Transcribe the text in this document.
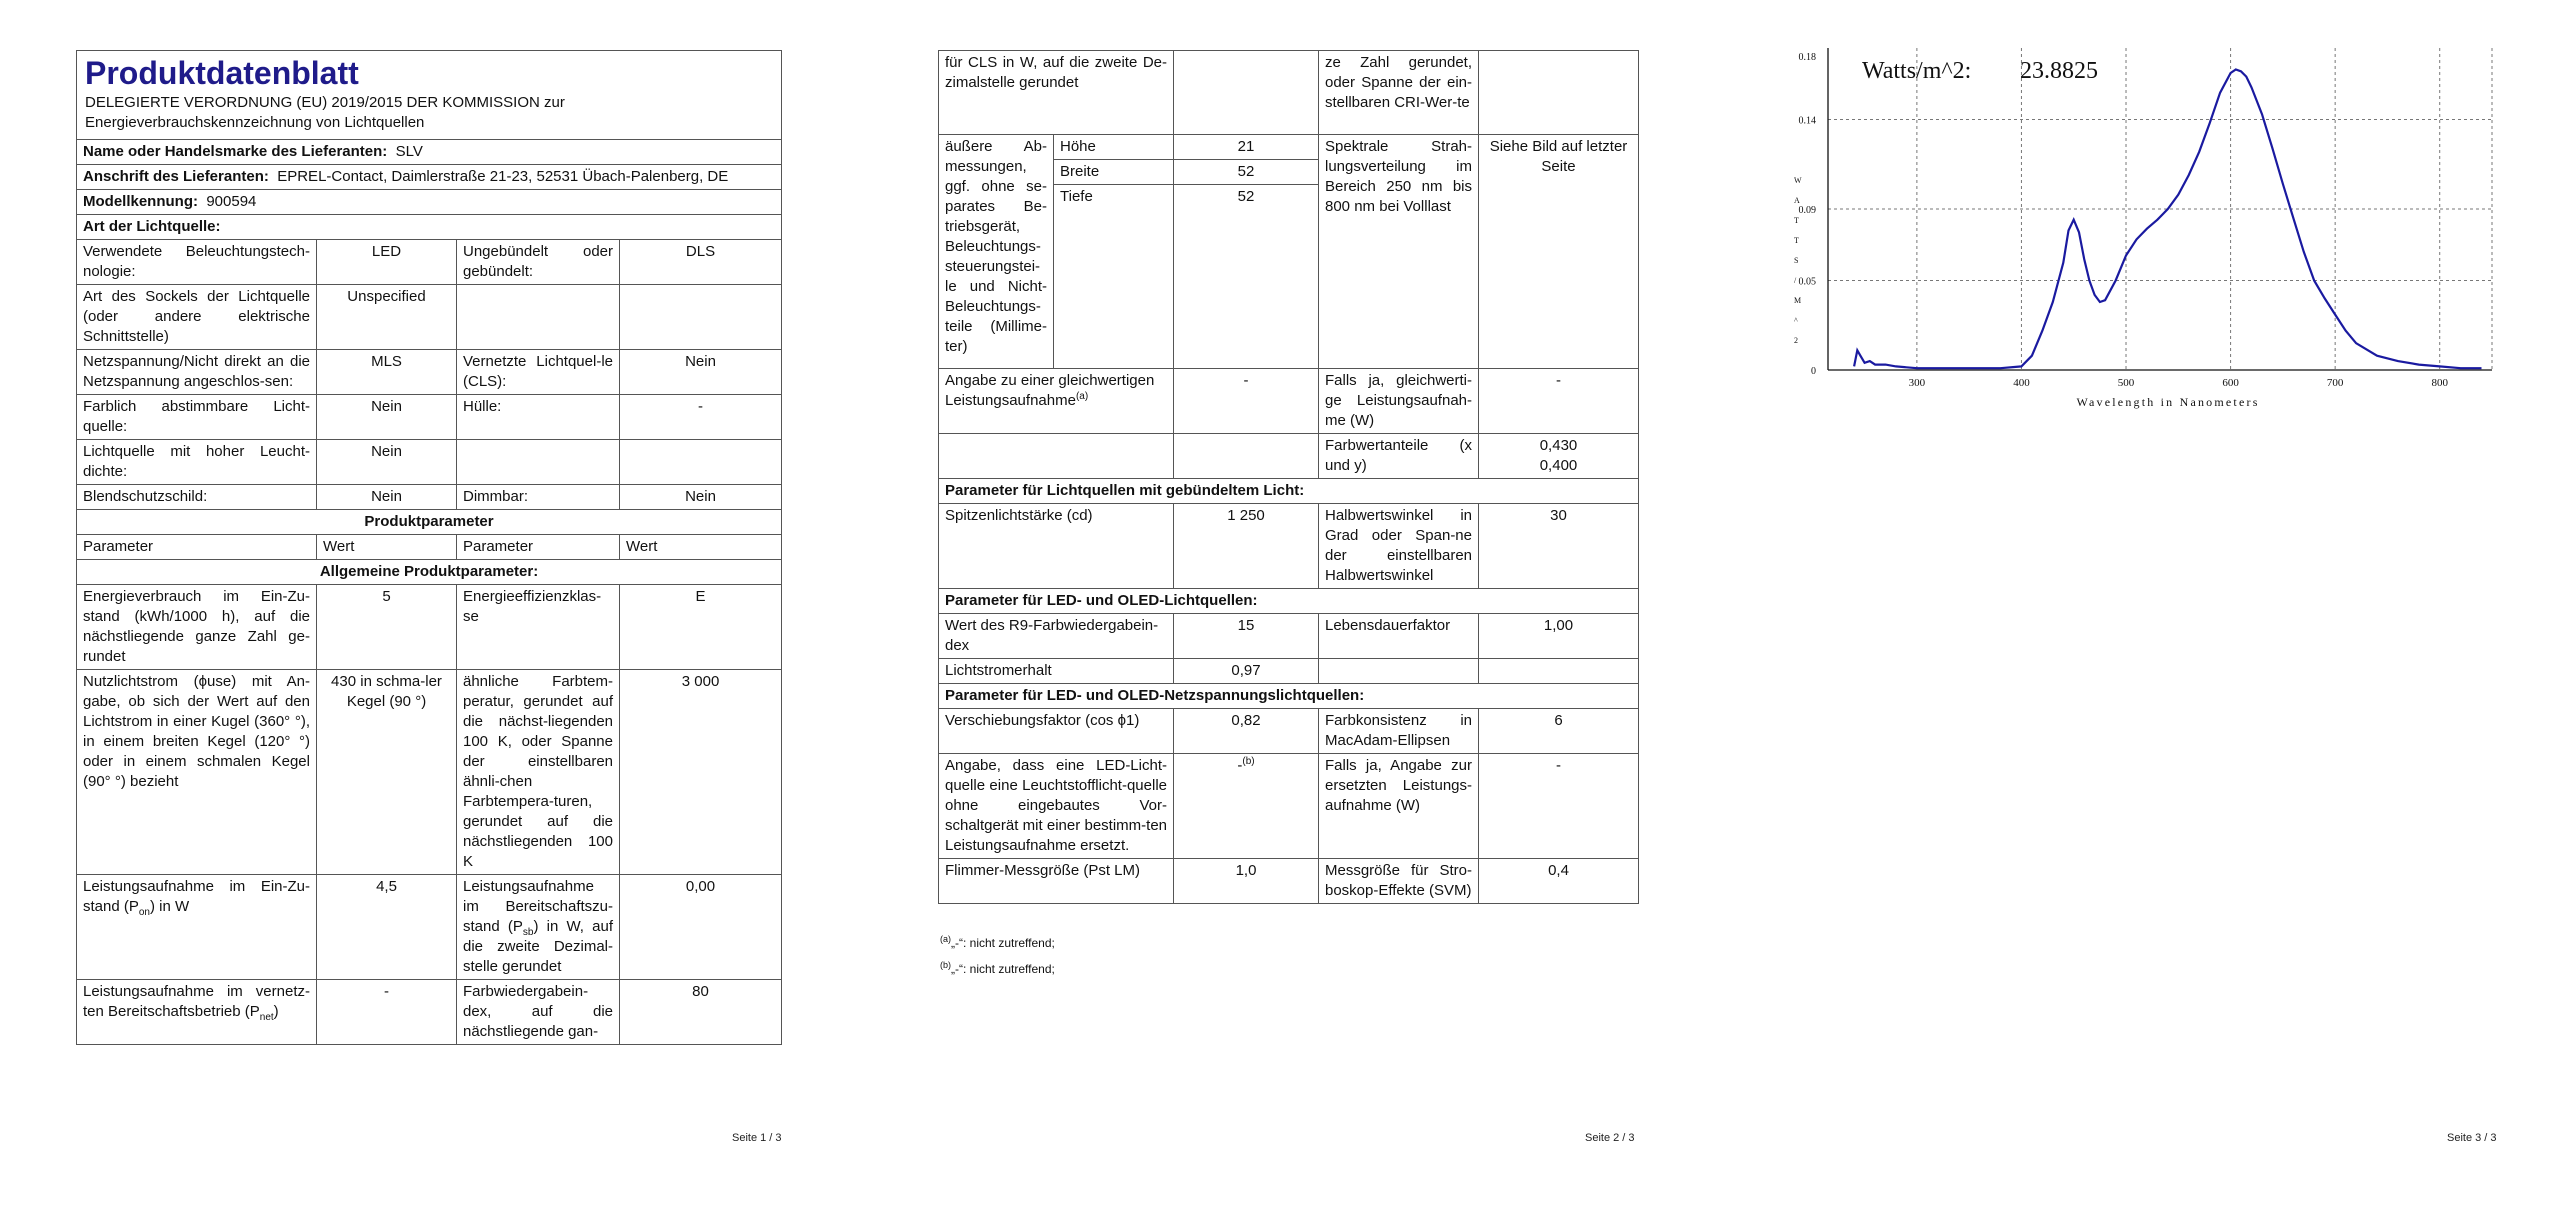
Produktdatenblatt
DELEGIERTE VERORDNUNG (EU) 2019/2015 DER KOMMISSION zur Energieverbrauchskennzeichnung von Lichtquellen			

Name oder Handelsmarke des Lieferanten: SLV			
Anschrift des Lieferanten: EPREL-Contact, Daimlerstraße 21-23, 52531 Übach-Palenberg, DE			
Modellkennung: 900594			
Art der Lichtquelle:			
Verwendete Beleuchtungstech-nologie:	LED	Ungebündelt oder gebündelt:	DLS
Art des Sockels der Lichtquelle (oder andere elektrische Schnittstelle)	Unspecified		
Netzspannung/Nicht direkt an die Netzspannung angeschlos-sen:	MLS	Vernetzte Lichtquel-le (CLS):	Nein
Farblich abstimmbare Licht-quelle:	Nein	Hülle:	-
Lichtquelle mit hoher Leucht-dichte:	Nein		
Blendschutzschild:	Nein	Dimmbar:	Nein
Produktparameter			
Parameter	Wert	Parameter	Wert
Allgemeine Produktparameter:			
Energieverbrauch im Ein-Zu-stand (kWh/1000 h), auf die nächstliegende ganze Zahl ge-rundet	5	Energieeffizienzklas-se	E
Nutzlichtstrom (ϕuse) mit An-gabe, ob sich der Wert auf den Lichtstrom in einer Kugel (360° °), in einem breiten Kegel (120° °) oder in einem schmalen Kegel (90° °) bezieht	430 in schma-ler Kegel (90 °)	ähnliche Farbtem-peratur, gerundet auf die nächst-liegenden 100 K, oder Spanne der einstellbaren ähnli-chen Farbtempera-turen, gerundet auf die nächstliegenden 100 K	3 000
Leistungsaufnahme im Ein-Zu-stand $(P_{on})$ in W	4,5	Leistungsaufnahme im Bereitschaftszu-stand $(P_{sb})$ in W, auf die zweite Dezimal-stelle gerundet	0,00
Leistungsaufnahme im vernetz-ten Bereitschaftsbetrieb $(P_{net})$	-	Farbwiedergabein-dex, auf die nächstliegende gan-	80
Seite 1 / 3
für CLS in W, auf die zweite De-zimalstelle gerundet			ze Zahl gerundet, oder Spanne der ein-stellbaren CRI-Wer-te	
äußere Ab-messungen, ggf. ohne se-parates Be-triebsgerät, Beleuchtungs-steuerungstei-le und Nicht-Beleuchtungs-teile (Millime-ter)	Höhe	21	Spektrale Strah-lungsverteilung im Bereich 250 nm bis 800 nm bei Volllast	Siehe Bild auf letzter Seite
	Breite	52		
	Tiefe	52		
Angabe zu einer gleichwertigen Leistungsaufnahme$^{(a)}$		-	Falls ja, gleichwerti-ge Leistungsaufnah-me (W)	-
			Farbwertanteile (x und y)	0,430
0,400

Parameter für Lichtquellen mit gebündeltem Licht:				
Spitzenlichtstärke (cd)		1 250	Halbwertswinkel in Grad oder Span-ne der einstellbaren Halbwertswinkel	30
Parameter für LED- und OLED-Lichtquellen:				
Wert des R9-Farbwiedergabein-dex		15	Lebensdauerfaktor	1,00
Lichtstromerhalt		0,97		
Parameter für LED- und OLED-Netzspannungslichtquellen:				
Verschiebungsfaktor (cos ϕ1)		0,82	Farbkonsistenz in MacAdam-Ellipsen	6
Angabe, dass eine LED-Licht-quelle eine Leuchtstofflicht-quelle ohne eingebautes Vor-schaltgerät mit einer bestimm-ten Leistungsaufnahme ersetzt.		-$^{(b)}$	Falls ja, Angabe zur ersetzten Leistungs-aufnahme (W)	-
Flimmer-Messgröße (Pst LM)		1,0	Messgröße für Stro-boskop-Effekte (SVM)	0,4
$^{(a)}$„-“: nicht zutreffend;
$^{(b)}$„-“: nicht zutreffend;
Seite 2 / 3
300	400	500	600	700	800
0
0.05
0.09
0.14
0.18
Watts/m^2: 23.8825
W
A
T
T
S
/
M
^
2
Wavelength in Nanometers
Seite 3 / 3
